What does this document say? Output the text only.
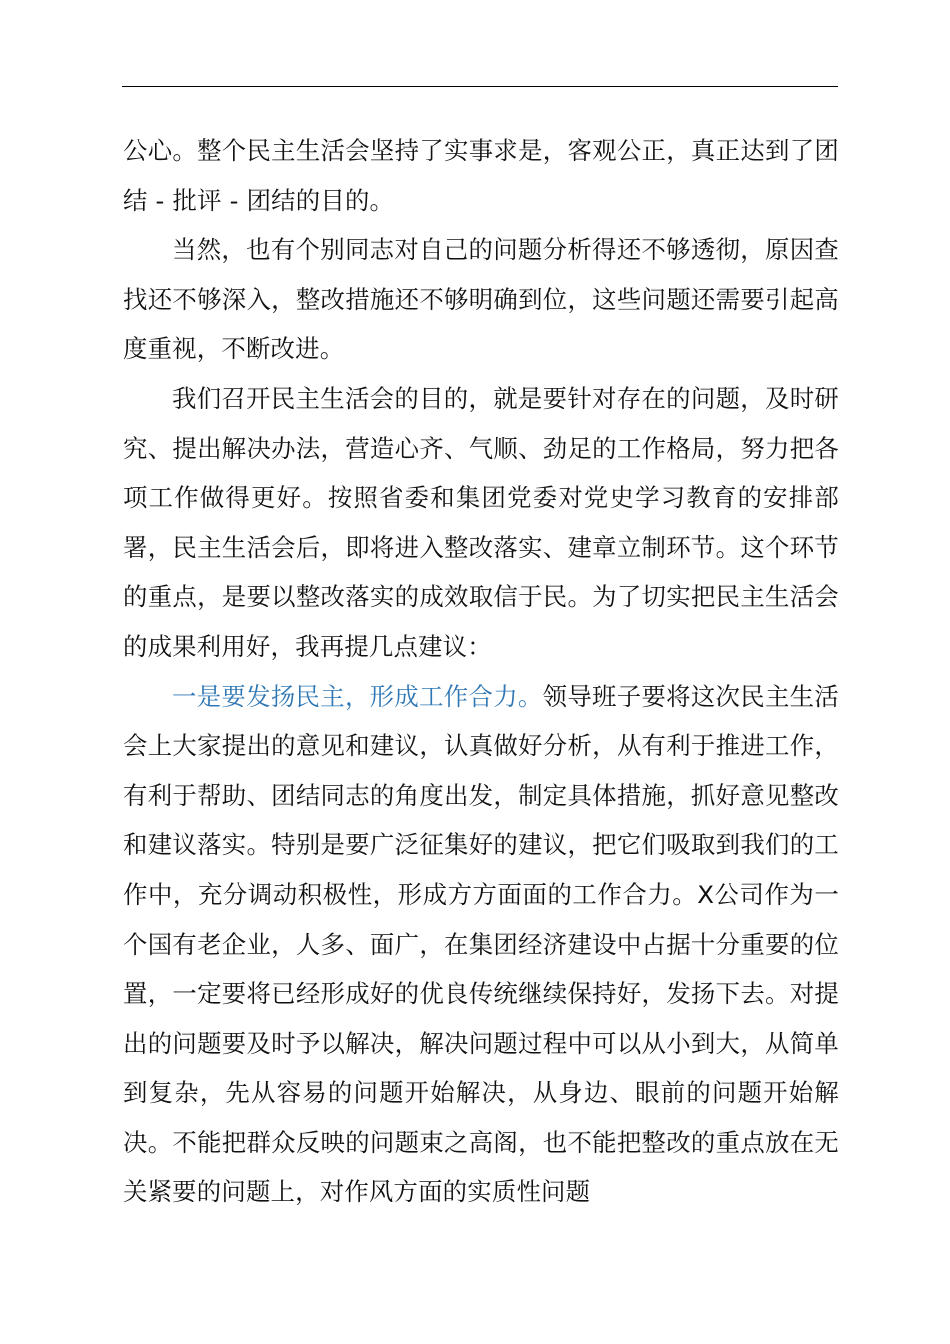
公心。整个民主生活会坚持了实事求是，客观公正，真正达到了团结 - 批评 - 团结的目的。

当然，也有个别同志对自己的问题分析得还不够透彻，原因查找还不够深入，整改措施还不够明确到位，这些问题还需要引起高度重视，不断改进。

我们召开民主生活会的目的，就是要针对存在的问题，及时研究、提出解决办法，营造心齐、气顺、劲足的工作格局，努力把各项工作做得更好。按照省委和集团党委对党史学习教育的安排部署，民主生活会后，即将进入整改落实、建章立制环节。这个环节的重点，是要以整改落实的成效取信于民。为了切实把民主生活会的成果利用好，我再提几点建议：

一是要发扬民主，形成工作合力。领导班子要将这次民主生活会上大家提出的意见和建议，认真做好分析，从有利于推进工作，有利于帮助、团结同志的角度出发，制定具体措施，抓好意见整改和建议落实。特别是要广泛征集好的建议，把它们吸取到我们的工作中，充分调动积极性，形成方方面面的工作合力。X公司作为一个国有老企业，人多、面广，在集团经济建设中占据十分重要的位置，一定要将已经形成好的优良传统继续保持好，发扬下去。对提出的问题要及时予以解决，解决问题过程中可以从小到大，从简单到复杂，先从容易的问题开始解决，从身边、眼前的问题开始解决。不能把群众反映的问题束之高阁，也不能把整改的重点放在无关紧要的问题上，对作风方面的实质性问题
